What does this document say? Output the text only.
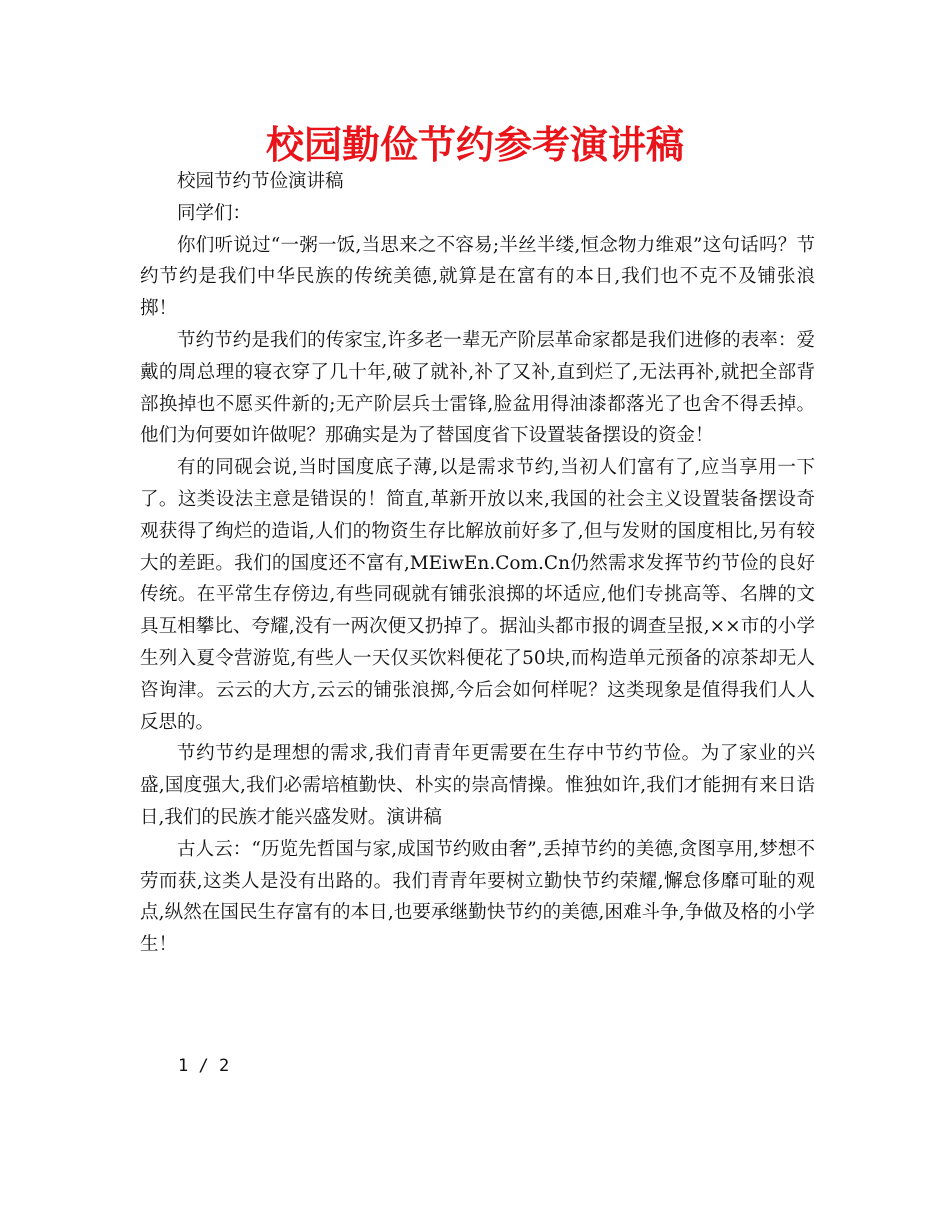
校园勤俭节约参考演讲稿

校园节约节俭演讲稿

同学们：

你们听说过“一粥一饭,当思来之不容易;半丝半缕,恒念物力维艰”这句话吗？节约节约是我们中华民族的传统美德,就算是在富有的本日,我们也不克不及铺张浪掷！

节约节约是我们的传家宝,许多老一辈无产阶层革命家都是我们进修的表率：爱戴的周总理的寝衣穿了几十年,破了就补,补了又补,直到烂了,无法再补,就把全部背部换掉也不愿买件新的;无产阶层兵士雷锋,脸盆用得油漆都落光了也舍不得丢掉。他们为何要如许做呢？那确实是为了替国度省下设置装备摆设的资金！

有的同砚会说,当时国度底子薄,以是需求节约,当初人们富有了,应当享用一下了。这类设法主意是错误的！简直,革新开放以来,我国的社会主义设置装备摆设奇观获得了绚烂的造诣,人们的物资生存比解放前好多了,但与发财的国度相比,另有较大的差距。我们的国度还不富有,MEiwEn.Com.Cn仍然需求发挥节约节俭的良好传统。在平常生存傍边,有些同砚就有铺张浪掷的坏适应,他们专挑高等、名牌的文具互相攀比、夸耀,没有一两次便又扔掉了。据汕头都市报的调查呈报,××市的小学生列入夏令营游览,有些人一天仅买饮料便花了50块,而构造单元预备的凉茶却无人咨询津。云云的大方,云云的铺张浪掷,今后会如何样呢？这类现象是值得我们人人反思的。

节约节约是理想的需求,我们青青年更需要在生存中节约节俭。为了家业的兴盛,国度强大,我们必需培植勤快、朴实的崇高情操。惟独如许,我们才能拥有来日诰日,我们的民族才能兴盛发财。演讲稿

古人云：“历览先哲国与家,成国节约败由奢”,丢掉节约的美德,贪图享用,梦想不劳而获,这类人是没有出路的。我们青青年要树立勤快节约荣耀,懈怠侈靡可耻的观点,纵然在国民生存富有的本日,也要承继勤快节约的美德,困难斗争,争做及格的小学生！

1 / 2
